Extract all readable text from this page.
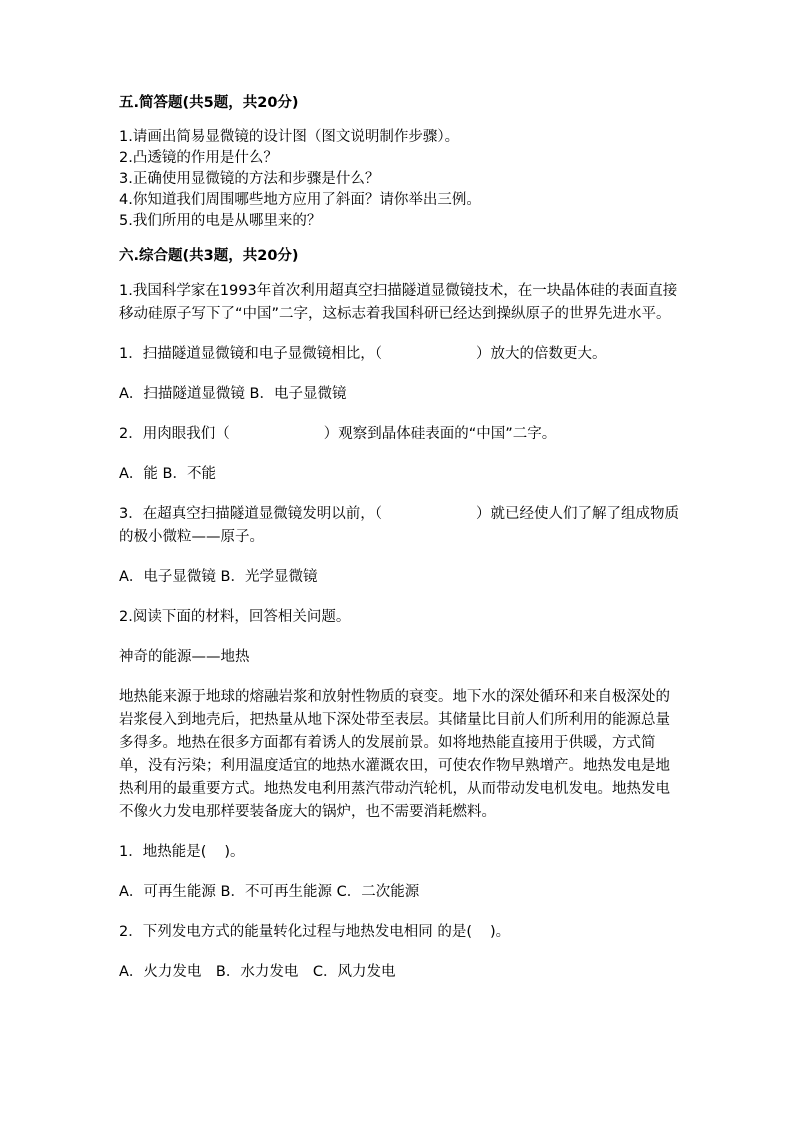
五.简答题(共5题，共20分)
1.请画出简易显微镜的设计图（图文说明制作步骤）。
2.凸透镜的作用是什么？
3.正确使用显微镜的方法和步骤是什么？
4.你知道我们周围哪些地方应用了斜面？请你举出三例。
5.我们所用的电是从哪里来的？
六.综合题(共3题，共20分)

1.我国科学家在1993年首次利用超真空扫描隧道显微镜技术，在一块晶体硅的表面直接移动硅原子写下了“中国”二字，这标志着我国科研已经达到操纵原子的世界先进水平。

1．扫描隧道显微镜和电子显微镜相比，（	）放大的倍数更大。

A．扫描隧道显微镜 B．电子显微镜

2．用肉眼我们（	）观察到晶体硅表面的“中国”二字。

A．能 B．不能

3．在超真空扫描隧道显微镜发明以前，（	）就已经使人们了解了组成物质的极小微粒——原子。

A．电子显微镜 B．光学显微镜

2.阅读下面的材料，回答相关问题。

神奇的能源——地热

地热能来源于地球的熔融岩浆和放射性物质的衰变。地下水的深处循环和来自极深处的岩浆侵入到地壳后，把热量从地下深处带至表层。其储量比目前人们所利用的能源总量多得多。地热在很多方面都有着诱人的发展前景。如将地热能直接用于供暖，方式简单，没有污染；利用温度适宜的地热水灌溉农田，可使农作物早熟增产。地热发电是地热利用的最重要方式。地热发电利用蒸汽带动汽轮机，从而带动发电机发电。地热发电不像火力发电那样要装备庞大的锅炉，也不需要消耗燃料。

1．地热能是( )。

A．可再生能源 B．不可再生能源 C．二次能源

2．下列发电方式的能量转化过程与地热发电相同 的是( )。

A．火力发电　B．水力发电　C．风力发电
